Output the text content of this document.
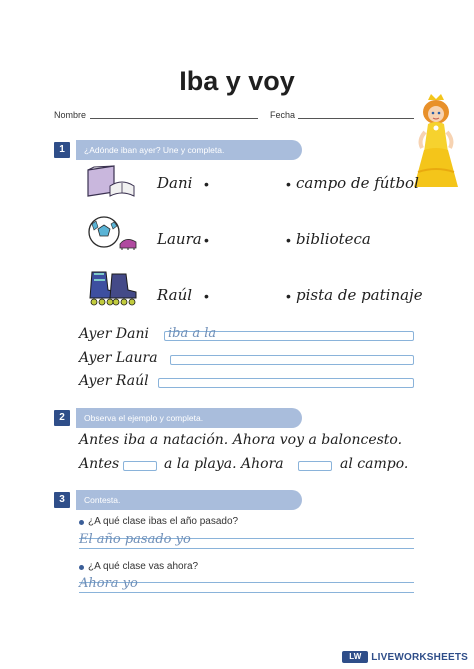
Iba y voy
Nombre	Fecha
1	¿Adónde iban ayer? Une y completa.
Dani •	• campo de fútbol
Laura •	• biblioteca
Raúl •	• pista de patinaje
Ayer Dani iba a la
Ayer Laura
Ayer Raúl
2	Observa el ejemplo y completa.
Antes iba a natación. Ahora voy a baloncesto.
Antes	a la playa. Ahora	al campo.
3	Contesta.
¿A qué clase ibas el año pasado?
El año pasado yo
¿A qué clase vas ahora?
Ahora yo
LW	LIVEWORKSHEETS
